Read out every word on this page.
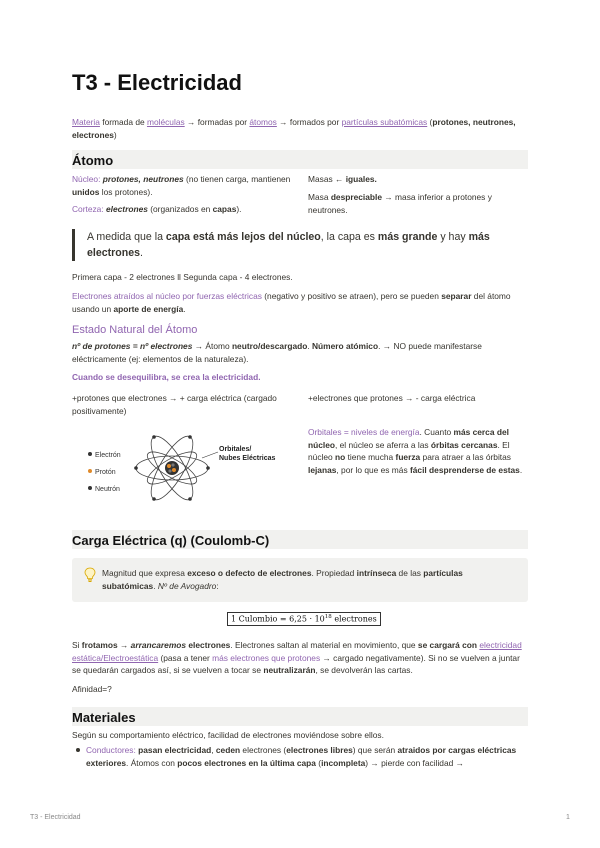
T3 - Electricidad
Materia formada de moléculas → formadas por átomos → formados por partículas subatómicas (protones, neutrones, electrones)
Átomo
Núcleo: protones, neutrones (no tienen carga, mantienen unidos los protones).
Corteza: electrones (organizados en capas).
Masas ← iguales.
Masa despreciable → masa inferior a protones y neutrones.
A medida que la capa está más lejos del núcleo, la capa es más grande y hay más electrones.
Primera capa - 2 electrones ll Segunda capa - 4 electrones.
Electrones atraídos al núcleo por fuerzas eléctricas (negativo y positivo se atraen), pero se pueden separar del átomo usando un aporte de energía.
Estado Natural del Átomo
nº de protones = nº electrones → Átomo neutro/descargado. Número atómico. → NO puede manifestarse eléctricamente (ej: elementos de la naturaleza).
Cuando se desequilibra, se crea la electricidad.
+protones que electrones → + carga eléctrica (cargado positivamente)
+electrones que protones → - carga eléctrica
Electrón
Protón
Neutrón
Orbitales/
Nubes Eléctricas
Orbitales = niveles de energía. Cuanto más cerca del núcleo, el núcleo se aferra a las órbitas cercanas. El núcleo no tiene mucha fuerza para atraer a las órbitas lejanas, por lo que es más fácil desprenderse de estas.
Carga Eléctrica (q) (Coulomb-C)
Magnitud que expresa exceso o defecto de electrones. Propiedad intrínseca de las partículas subatómicas. Nº de Avogadro:
1 Culombio = $6,25 \cdot 10^{18}$ electrones
Si frotamos → arrancaremos electrones. Electrones saltan al material en movimiento, que se cargará con electricidad estática/Electroestática (pasa a tener más electrones que protones → cargado negativamente). Si no se vuelven a juntar se quedarán cargados así, si se vuelven a tocar se neutralizarán, se devolverán las cartas.
Afinidad=?
Materiales
Según su comportamiento eléctrico, facilidad de electrones moviéndose sobre ellos.
Conductores: pasan electricidad, ceden electrones (electrones libres) que serán atraidos por cargas eléctricas exteriores. Átomos con pocos electrones en la última capa (incompleta) → pierde con facilidad →
T3 - Electricidad	1
